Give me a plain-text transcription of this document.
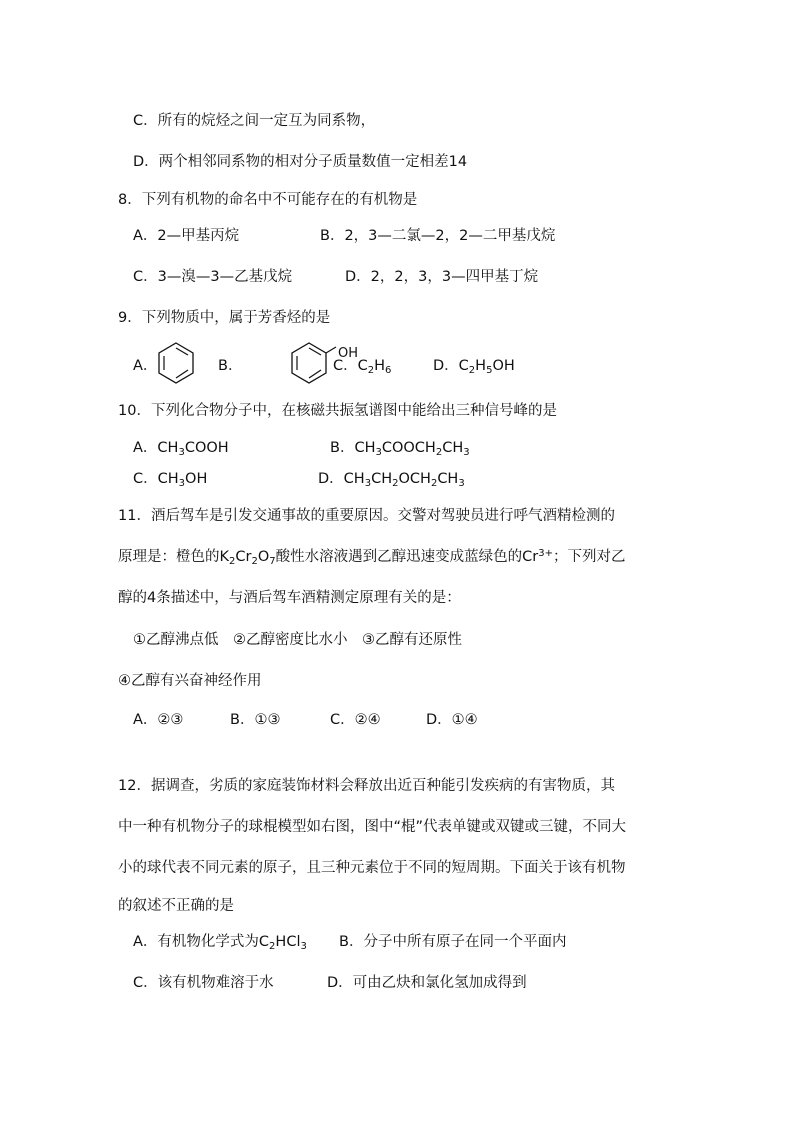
C．所有的烷烃之间一定互为同系物，
D．两个相邻同系物的相对分子质量数值一定相差14
8．下列有机物的命名中不可能存在的有机物是
A．2—甲基丙烷	B．2，3—二氯—2，2—二甲基戊烷
C．3—溴—3—乙基戊烷	D．2，2，3，3—四甲基丁烷
9．下列物质中，属于芳香烃的是
A．	B．
OH
C．$C_2H_6$	D．$C_2H_5OH$
10．下列化合物分子中，在核磁共振氢谱图中能给出三种信号峰的是
A．$CH_3COOH$	B．$CH_3COOCH_2CH_3$
C．$CH_3OH$	D．$CH_3CH_2OCH_2CH_3$
11．酒后驾车是引发交通事故的重要原因。交警对驾驶员进行呼气酒精检测的
原理是：橙色的$K_2Cr_2O_7$酸性水溶液遇到乙醇迅速变成蓝绿色的$Cr^{3+}$；下列对乙
醇的4条描述中，与酒后驾车酒精测定原理有关的是：
①乙醇沸点低　②乙醇密度比水小　③乙醇有还原性
④乙醇有兴奋神经作用
A．②③	B．①③	C．②④	D．①④
12．据调查，劣质的家庭装饰材料会释放出近百种能引发疾病的有害物质，其
中一种有机物分子的球棍模型如右图，图中“棍”代表单键或双键或三键，不同大
小的球代表不同元素的原子，且三种元素位于不同的短周期。下面关于该有机物
的叙述不正确的是
A．有机物化学式为$C_2HCl_3$ B．分子中所有原子在同一个平面内
C．该有机物难溶于水	D．可由乙炔和氯化氢加成得到
